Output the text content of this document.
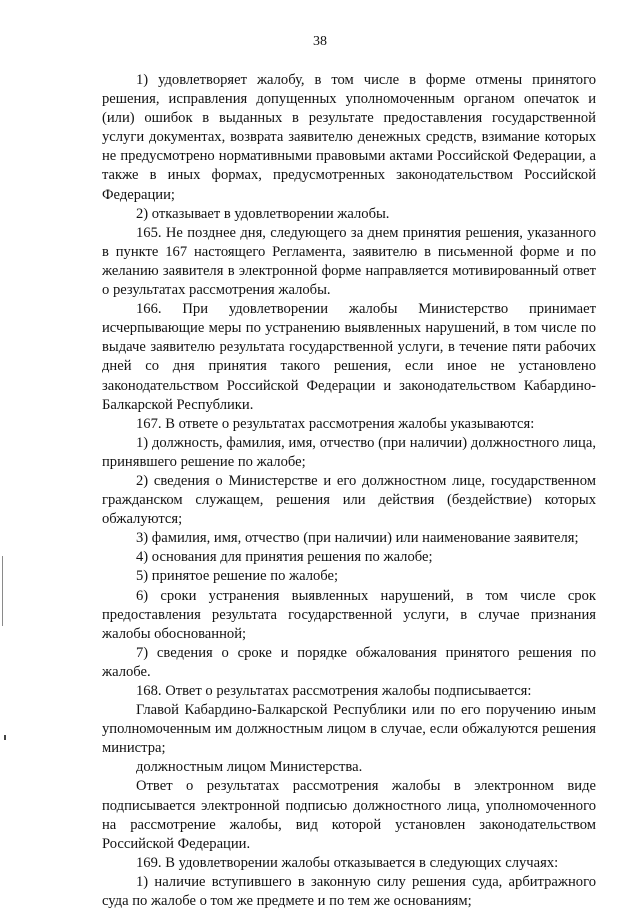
38

1) удовлетворяет жалобу, в том числе в форме отмены принятого решения, исправления допущенных уполномоченным органом опечаток и (или) ошибок в выданных в результате предоставления государственной услуги документах, возврата заявителю денежных средств, взимание которых не предусмотрено нормативными правовыми актами Российской Федерации, а также в иных формах, предусмотренных законодательством Российской Федерации;

2) отказывает в удовлетворении жалобы.

165. Не позднее дня, следующего за днем принятия решения, указанного в пункте 167 настоящего Регламента, заявителю в письменной форме и по желанию заявителя в электронной форме направляется мотивированный ответ о результатах рассмотрения жалобы.

166. При удовлетворении жалобы Министерство принимает исчерпывающие меры по устранению выявленных нарушений, в том числе по выдаче заявителю результата государственной услуги, в течение пяти рабочих дней со дня принятия такого решения, если иное не установлено законодательством Российской Федерации и законодательством Кабардино-Балкарской Республики.

167. В ответе о результатах рассмотрения жалобы указываются:

1) должность, фамилия, имя, отчество (при наличии) должностного лица, принявшего решение по жалобе;

2) сведения о Министерстве и его должностном лице, государственном гражданском служащем, решения или действия (бездействие) которых обжалуются;

3) фамилия, имя, отчество (при наличии) или наименование заявителя;

4) основания для принятия решения по жалобе;

5) принятое решение по жалобе;

6) сроки устранения выявленных нарушений, в том числе срок предоставления результата государственной услуги, в случае признания жалобы обоснованной;

7) сведения о сроке и порядке обжалования принятого решения по жалобе.

168. Ответ о результатах рассмотрения жалобы подписывается:

Главой Кабардино-Балкарской Республики или по его поручению иным уполномоченным им должностным лицом в случае, если обжалуются решения министра;

должностным лицом Министерства.

Ответ о результатах рассмотрения жалобы в электронном виде подписывается электронной подписью должностного лица, уполномоченного на рассмотрение жалобы, вид которой установлен законодательством Российской Федерации.

169. В удовлетворении жалобы отказывается в следующих случаях:

1) наличие вступившего в законную силу решения суда, арбитражного суда по жалобе о том же предмете и по тем же основаниям;
